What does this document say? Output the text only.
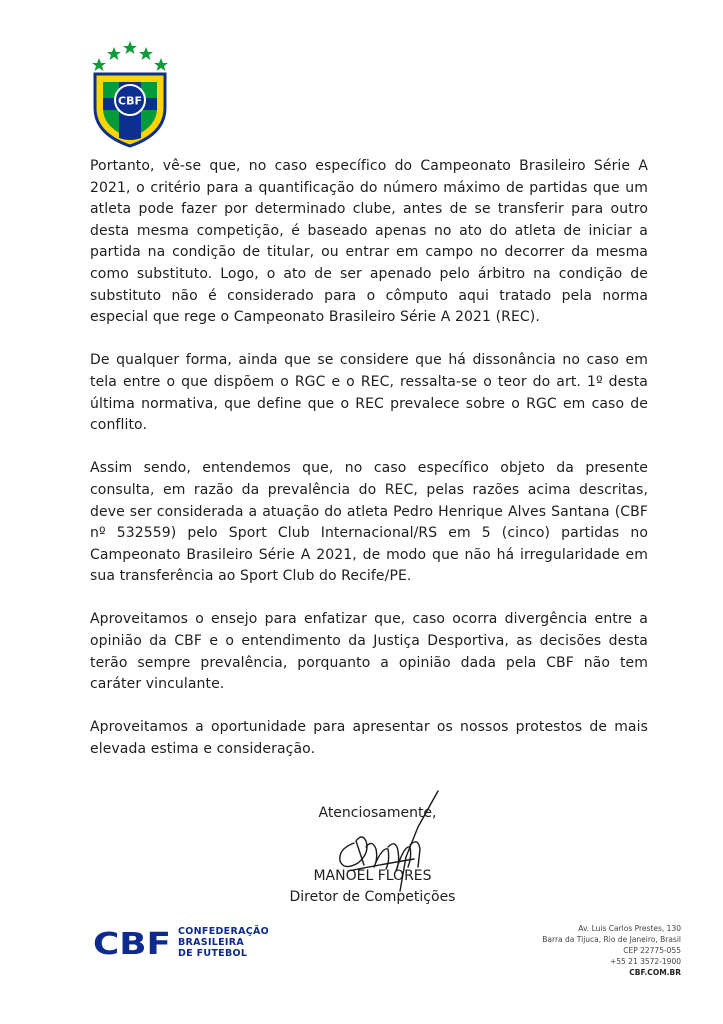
CBF

Portanto, vê-se que, no caso específico do Campeonato Brasileiro Série A 2021, o critério para a quantificação do número máximo de partidas que um atleta pode fazer por determinado clube, antes de se transferir para outro desta mesma competição, é baseado apenas no ato do atleta de iniciar a partida na condição de titular, ou entrar em campo no decorrer da mesma como substituto. Logo, o ato de ser apenado pelo árbitro na condição de substituto não é considerado para o cômputo aqui tratado pela norma especial que rege o Campeonato Brasileiro Série A 2021 (REC).

De qualquer forma, ainda que se considere que há dissonância no caso em tela entre o que dispõem o RGC e o REC, ressalta-se o teor do art. 1º desta última normativa, que define que o REC prevalece sobre o RGC em caso de conflito.

Assim sendo, entendemos que, no caso específico objeto da presente consulta, em razão da prevalência do REC, pelas razões acima descritas, deve ser considerada a atuação do atleta Pedro Henrique Alves Santana (CBF nº 532559) pelo Sport Club Internacional/RS em 5 (cinco) partidas no Campeonato Brasileiro Série A 2021, de modo que não há irregularidade em sua transferência ao Sport Club do Recife/PE.

Aproveitamos o ensejo para enfatizar que, caso ocorra divergência entre a opinião da CBF e o entendimento da Justiça Desportiva, as decisões desta terão sempre prevalência, porquanto a opinião dada pela CBF não tem caráter vinculante.

Aproveitamos a oportunidade para apresentar os nossos protestos de mais elevada estima e consideração.

Atenciosamente,
MANOEL FLORES
Diretor de Competições
CBF CONFEDERAÇÃO
BRASILEIRA
DE FUTEBOL
Av. Luis Carlos Prestes, 130
Barra da Tijuca, Rio de Janeiro, Brasil
CEP 22775-055
+55 21 3572-1900
CBF.COM.BR
